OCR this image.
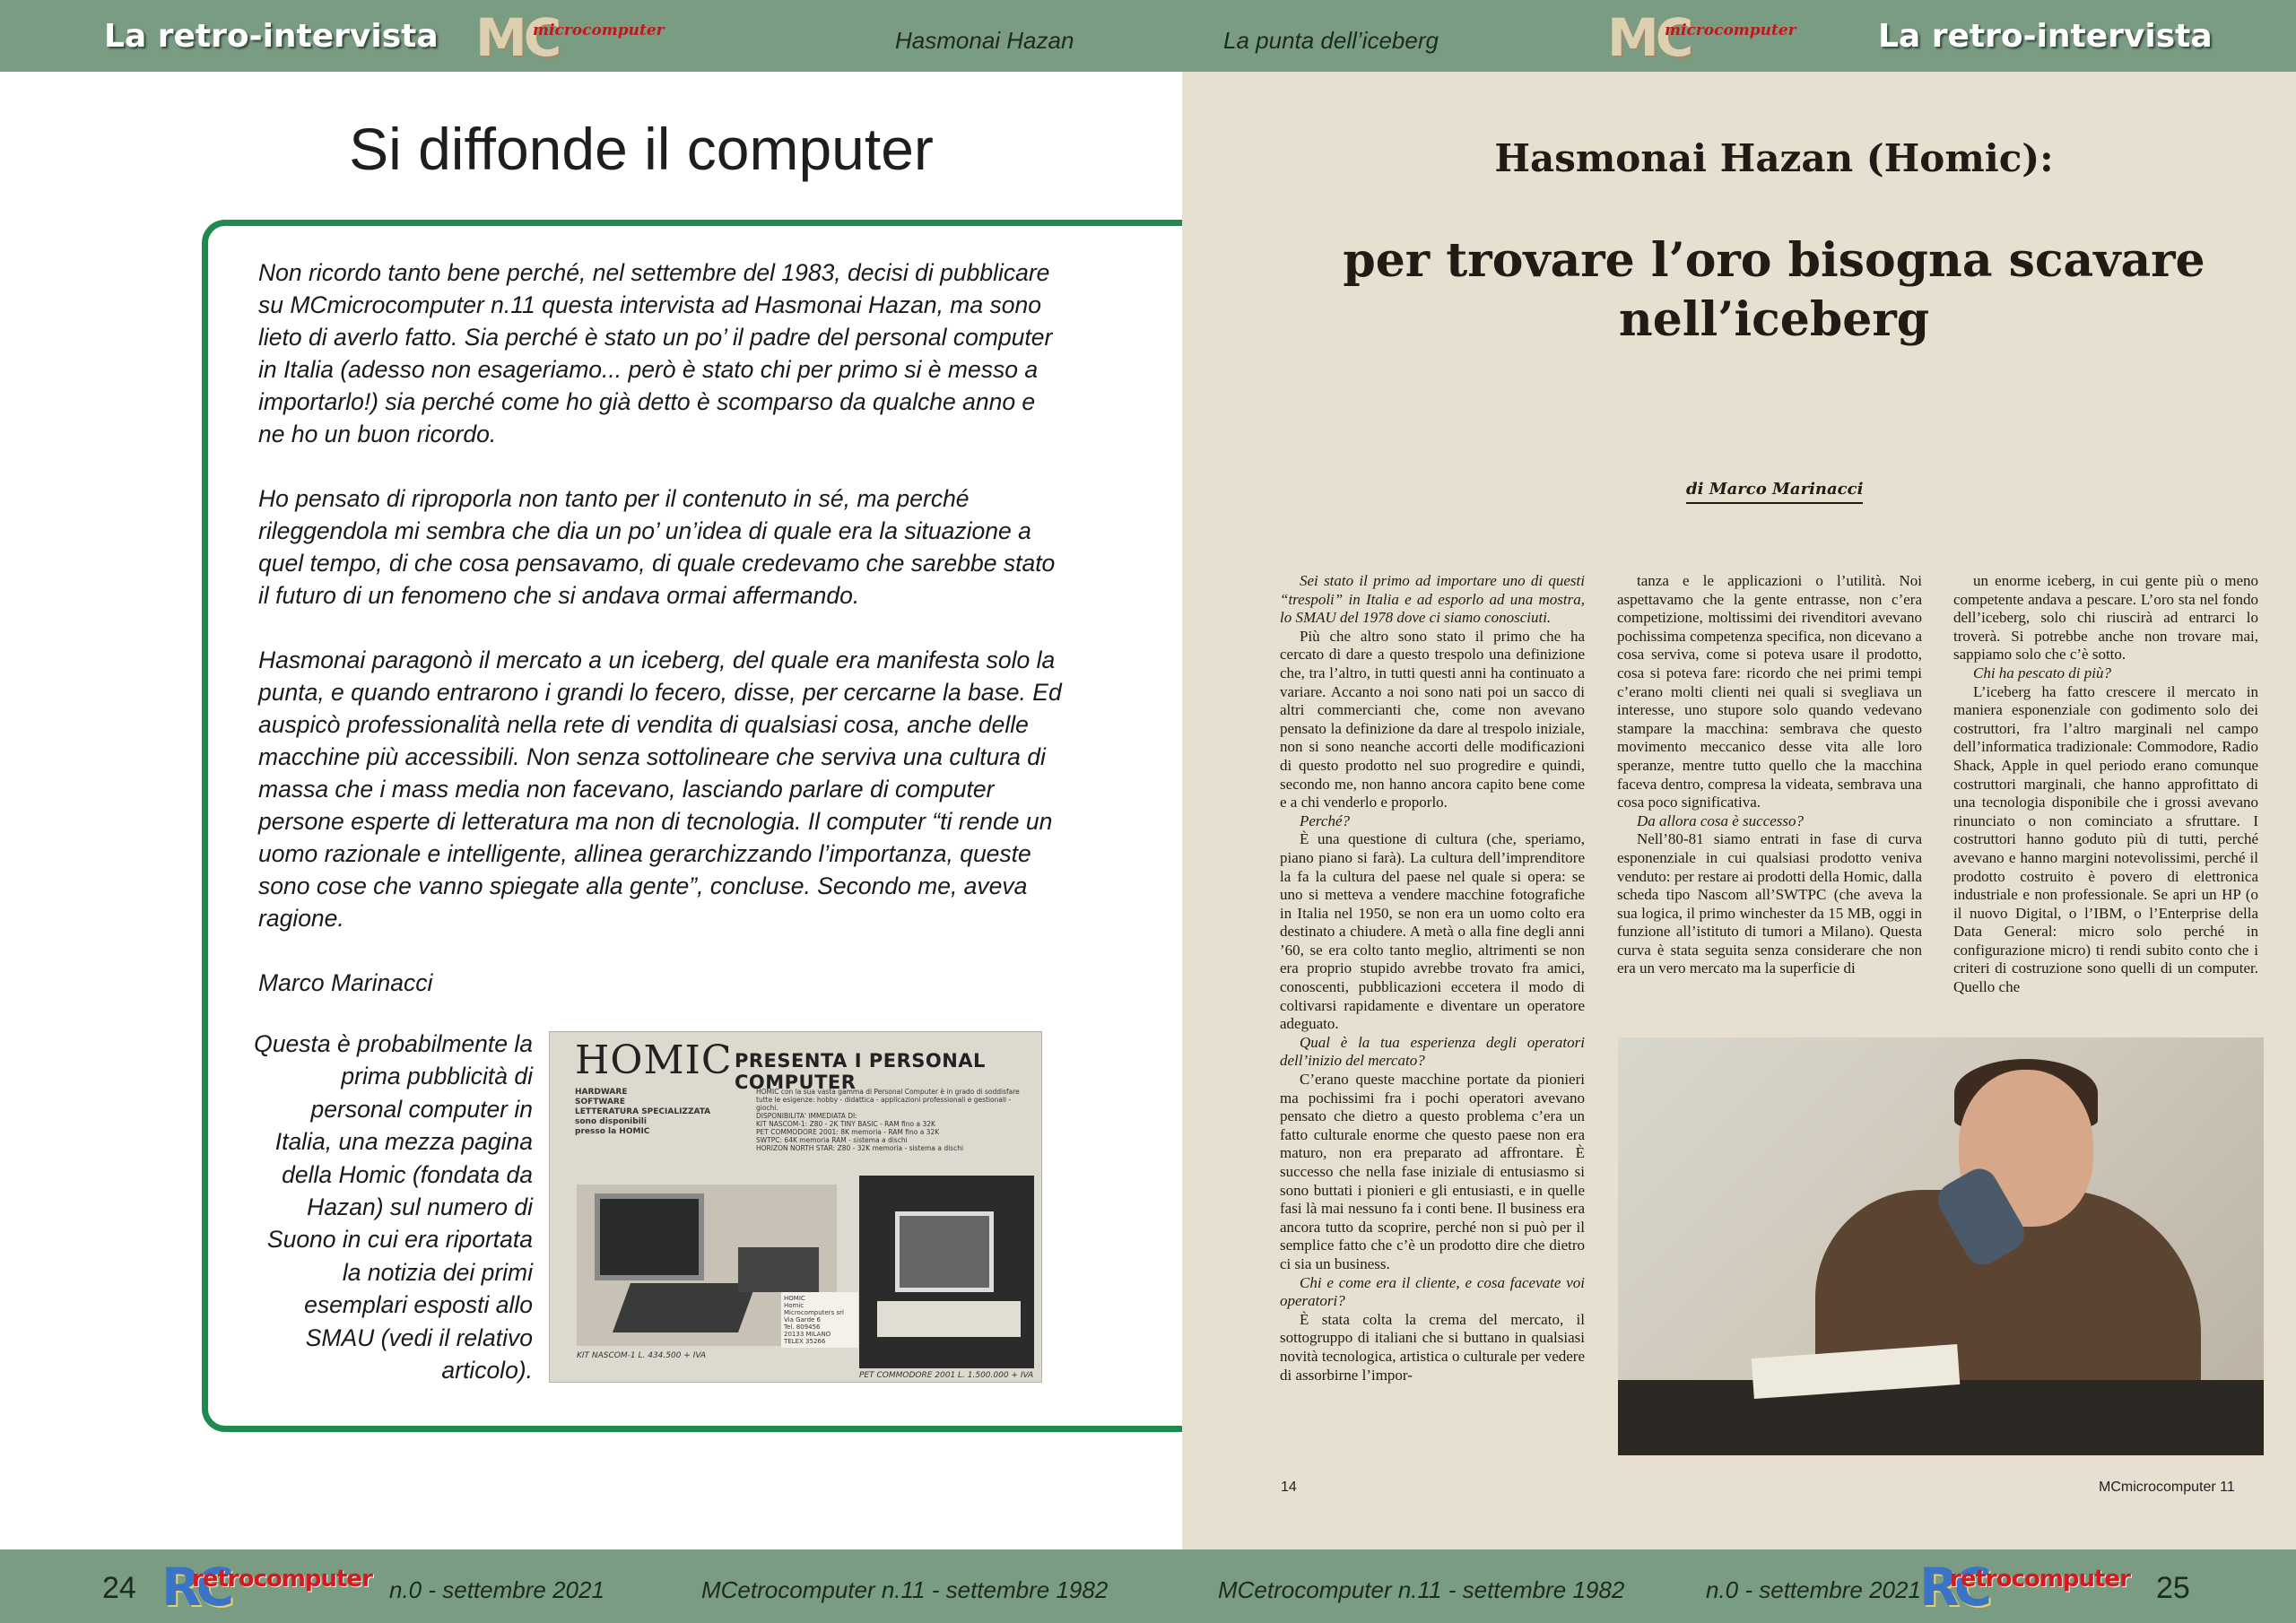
La retro-intervista MC
microcomputer	Hasmonai Hazan	La punta dell’iceberg	MC
microcomputer	La retro-intervista
Si diffonde il computer

Non ricordo tanto bene perché, nel settembre del 1983, decisi di pubblicare su MCmicrocomputer n.11 questa intervista ad Hasmonai Hazan, ma sono lieto di averlo fatto. Sia perché è stato un po’ il padre del personal computer in Italia (adesso non esageriamo... però è stato chi per primo si è messo a importarlo!) sia perché come ho già detto è scomparso da qualche anno e ne ho un buon ricordo.

Ho pensato di riproporla non tanto per il contenuto in sé, ma perché rileggendola mi sembra che dia un po’ un’idea di quale era la situazione a quel tempo, di che cosa pensavamo, di quale credevamo che sarebbe stato il futuro di un fenomeno che si andava ormai affermando.

Hasmonai paragonò il mercato a un iceberg, del quale era manifesta solo la punta, e quando entrarono i grandi lo fecero, disse, per cercarne la base. Ed auspicò professionalità nella rete di vendita di qualsiasi cosa, anche delle macchine più accessibili. Non senza sottolineare che serviva una cultura di massa che i mass media non facevano, lasciando parlare di computer persone esperte di letteratura ma non di tecnologia. Il computer “ti rende un uomo razionale e intelligente, allinea gerarchizzando l’importanza, queste sono cose che vanno spiegate alla gente”, concluse. Secondo me, aveva ragione.

Marco Marinacci

Questa è probabilmente la prima pubblicità di personal computer in Italia, una mezza pagina della Homic (fondata da Hazan) sul numero di Suono in cui era riportata la notizia dei primi esemplari esposti allo SMAU (vedi il relativo articolo).
HOMIC PRESENTA I PERSONAL COMPUTER
HARDWARE
SOFTWARE
LETTERATURA SPECIALIZZATA
sono disponibili
presso la HOMIC
HOMIC con la sua vasta gamma di Personal Computer è in grado di soddisfare tutte le esigenze: hobby - didattica - applicazioni professionali e gestionali - giochi.
DISPONIBILITA' IMMEDIATA DI:
KIT NASCOM-1: Z80 - 2K TINY BASIC - RAM fino a 32K
PET COMMODORE 2001: 8K memoria - RAM fino a 32K
SWTPC: 64K memoria RAM - sistema a dischi
HORIZON NORTH STAR: Z80 - 32K memoria - sistema a dischi
KIT NASCOM-1 L. 434.500 + IVA
PET COMMODORE 2001 L. 1.500.000 + IVA
HOMIC
Homic
Microcomputers srl
Via Garde 6
Tel. 809456
20133 MILANO
TELEX 35266
Hasmonai Hazan (Homic):
per trovare l’oro bisogna scavare nell’iceberg
di Marco Marinacci
Sei stato il primo ad importare uno di questi “trespoli” in Italia e ad esporlo ad una mostra, lo SMAU del 1978 dove ci siamo conosciuti.
Più che altro sono stato il primo che ha cercato di dare a questo trespolo una definizione che, tra l’altro, in tutti questi anni ha continuato a variare. Accanto a noi sono nati poi un sacco di altri commercianti che, come non avevano pensato la definizione da dare al trespolo iniziale, non si sono neanche accorti delle modificazioni di questo prodotto nel suo progredire e quindi, secondo me, non hanno ancora capito bene come e a chi venderlo e proporlo.
Perché?
È una questione di cultura (che, speriamo, piano piano si farà). La cultura dell’imprenditore la fa la cultura del paese nel quale si opera: se uno si metteva a vendere macchine fotografiche in Italia nel 1950, se non era un uomo colto era destinato a chiudere. A metà o alla fine degli anni ’60, se era colto tanto meglio, altrimenti se non era proprio stupido avrebbe trovato fra amici, conoscenti, pubblicazioni eccetera il modo di coltivarsi rapidamente e diventare un operatore adeguato.
Qual è la tua esperienza degli operatori dell’inizio del mercato?
C’erano queste macchine portate da pionieri ma pochissimi fra i pochi operatori avevano pensato che dietro a questo problema c’era un fatto culturale enorme che questo paese non era maturo, non era preparato ad affrontare. È successo che nella fase iniziale di entusiasmo si sono buttati i pionieri e gli entusiasti, e in quelle fasi là mai nessuno fa i conti bene. Il business era ancora tutto da scoprire, perché non si può per il semplice fatto che c’è un prodotto dire che dietro ci sia un business.
Chi e come era il cliente, e cosa facevate voi operatori?
È stata colta la crema del mercato, il sottogruppo di italiani che si buttano in qualsiasi novità tecnologica, artistica o culturale per vedere di assorbirne l’impor-
tanza e le applicazioni o l’utilità. Noi aspettavamo che la gente entrasse, non c’era competizione, moltissimi dei rivenditori avevano pochissima competenza specifica, non dicevano a cosa serviva, come si poteva usare il prodotto, cosa si poteva fare: ricordo che nei primi tempi c’erano molti clienti nei quali si svegliava un interesse, uno stupore solo quando vedevano stampare la macchina: sembrava che questo movimento meccanico desse vita alle loro speranze, mentre tutto quello che la macchina faceva dentro, compresa la videata, sembrava una cosa poco significativa.
Da allora cosa è successo?
Nell’80-81 siamo entrati in fase di curva esponenziale in cui qualsiasi prodotto veniva venduto: per restare ai prodotti della Homic, dalla scheda tipo Nascom all’SWTPC (che aveva la sua logica, il primo winchester da 15 MB, oggi in funzione all’istituto di tumori a Milano). Questa curva è stata seguita senza considerare che non era un vero mercato ma la superficie di
un enorme iceberg, in cui gente più o meno competente andava a pescare. L’oro sta nel fondo dell’iceberg, solo chi riuscirà ad entrarci lo troverà. Si potrebbe anche non trovare mai, sappiamo solo che c’è sotto.
Chi ha pescato di più?
L’iceberg ha fatto crescere il mercato in maniera esponenziale con godimento solo dei costruttori, fra l’altro marginali nel campo dell’informatica tradizionale: Commodore, Radio Shack, Apple in quel periodo erano comunque costruttori marginali, che hanno approfittato di una tecnologia disponibile che i grossi avevano rinunciato o non cominciato a sfruttare. I costruttori hanno goduto più di tutti, perché avevano e hanno margini notevolissimi, perché il prodotto costruito è povero di elettronica industriale e non professionale. Se apri un HP (o il nuovo Digital, o l’IBM, o l’Enterprise della Data General: micro solo perché in configurazione micro) ti rendi subito conto che i criteri di costruzione sono quelli di un computer. Quello che
14	MCmicrocomputer 11
24 RC
retrocomputer n.0 - settembre 2021	MCetrocomputer n.11 - settembre 1982	MCetrocomputer n.11 - settembre 1982	n.0 - settembre 2021
RC
retrocomputer 25
